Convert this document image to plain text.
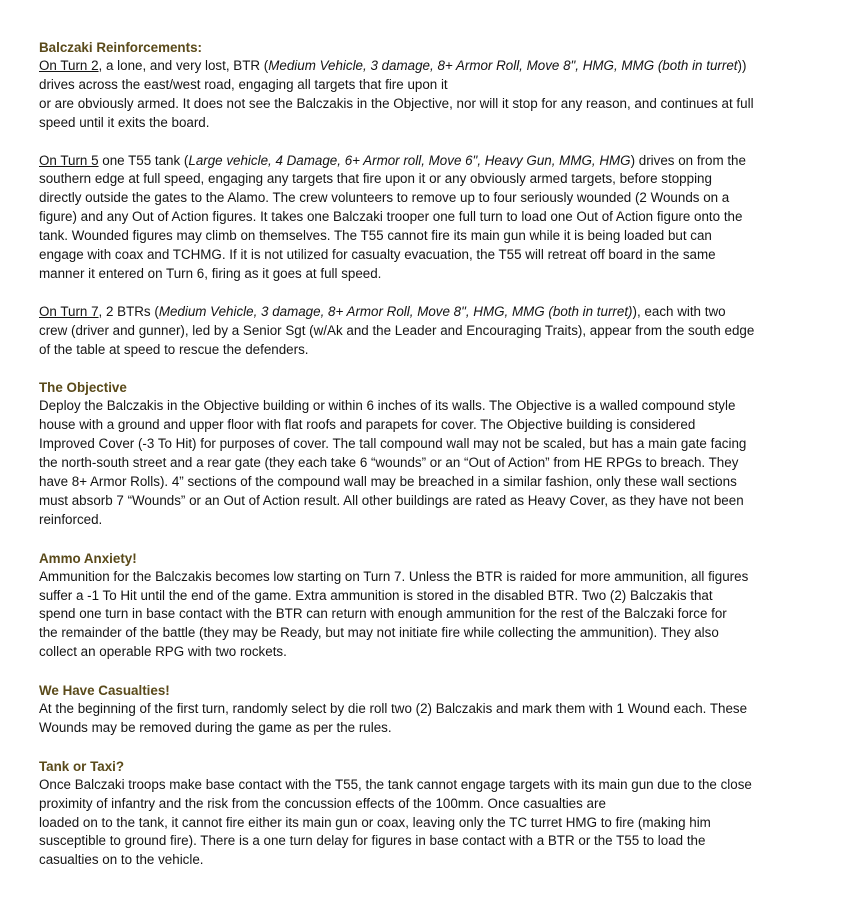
Balczaki Reinforcements:
On Turn 2, a lone, and very lost, BTR (Medium Vehicle, 3 damage, 8+ Armor Roll, Move 8", HMG, MMG (both in turret))
drives across the east/west road, engaging all targets that fire upon it
or are obviously armed. It does not see the Balczakis in the Objective, nor will it stop for any reason, and continues at full
speed until it exits the board.
On Turn 5 one T55 tank (Large vehicle, 4 Damage, 6+ Armor roll, Move 6", Heavy Gun, MMG, HMG) drives on from the
southern edge at full speed, engaging any targets that fire upon it or any obviously armed targets, before stopping
directly outside the gates to the Alamo. The crew volunteers to remove up to four seriously wounded (2 Wounds on a
figure) and any Out of Action figures. It takes one Balczaki trooper one full turn to load one Out of Action figure onto the
tank. Wounded figures may climb on themselves. The T55 cannot fire its main gun while it is being loaded but can
engage with coax and TCHMG. If it is not utilized for casualty evacuation, the T55 will retreat off board in the same
manner it entered on Turn 6, firing as it goes at full speed.
On Turn 7, 2 BTRs (Medium Vehicle, 3 damage, 8+ Armor Roll, Move 8", HMG, MMG (both in turret)), each with two
crew (driver and gunner), led by a Senior Sgt (w/Ak and the Leader and Encouraging Traits), appear from the south edge
of the table at speed to rescue the defenders.
The Objective
Deploy the Balczakis in the Objective building or within 6 inches of its walls. The Objective is a walled compound style
house with a ground and upper floor with flat roofs and parapets for cover. The Objective building is considered
Improved Cover (-3 To Hit) for purposes of cover. The tall compound wall may not be scaled, but has a main gate facing
the north-south street and a rear gate (they each take 6 “wounds” or an “Out of Action” from HE RPGs to breach. They
have 8+ Armor Rolls). 4” sections of the compound wall may be breached in a similar fashion, only these wall sections
must absorb 7 “Wounds” or an Out of Action result. All other buildings are rated as Heavy Cover, as they have not been
reinforced.
Ammo Anxiety!
Ammunition for the Balczakis becomes low starting on Turn 7. Unless the BTR is raided for more ammunition, all figures
suffer a -1 To Hit until the end of the game. Extra ammunition is stored in the disabled BTR. Two (2) Balczakis that
spend one turn in base contact with the BTR can return with enough ammunition for the rest of the Balczaki force for
the remainder of the battle (they may be Ready, but may not initiate fire while collecting the ammunition). They also
collect an operable RPG with two rockets.
We Have Casualties!
At the beginning of the first turn, randomly select by die roll two (2) Balczakis and mark them with 1 Wound each. These
Wounds may be removed during the game as per the rules.
Tank or Taxi?
Once Balczaki troops make base contact with the T55, the tank cannot engage targets with its main gun due to the close
proximity of infantry and the risk from the concussion effects of the 100mm. Once casualties are
loaded on to the tank, it cannot fire either its main gun or coax, leaving only the TC turret HMG to fire (making him
susceptible to ground fire). There is a one turn delay for figures in base contact with a BTR or the T55 to load the
casualties on to the vehicle.
